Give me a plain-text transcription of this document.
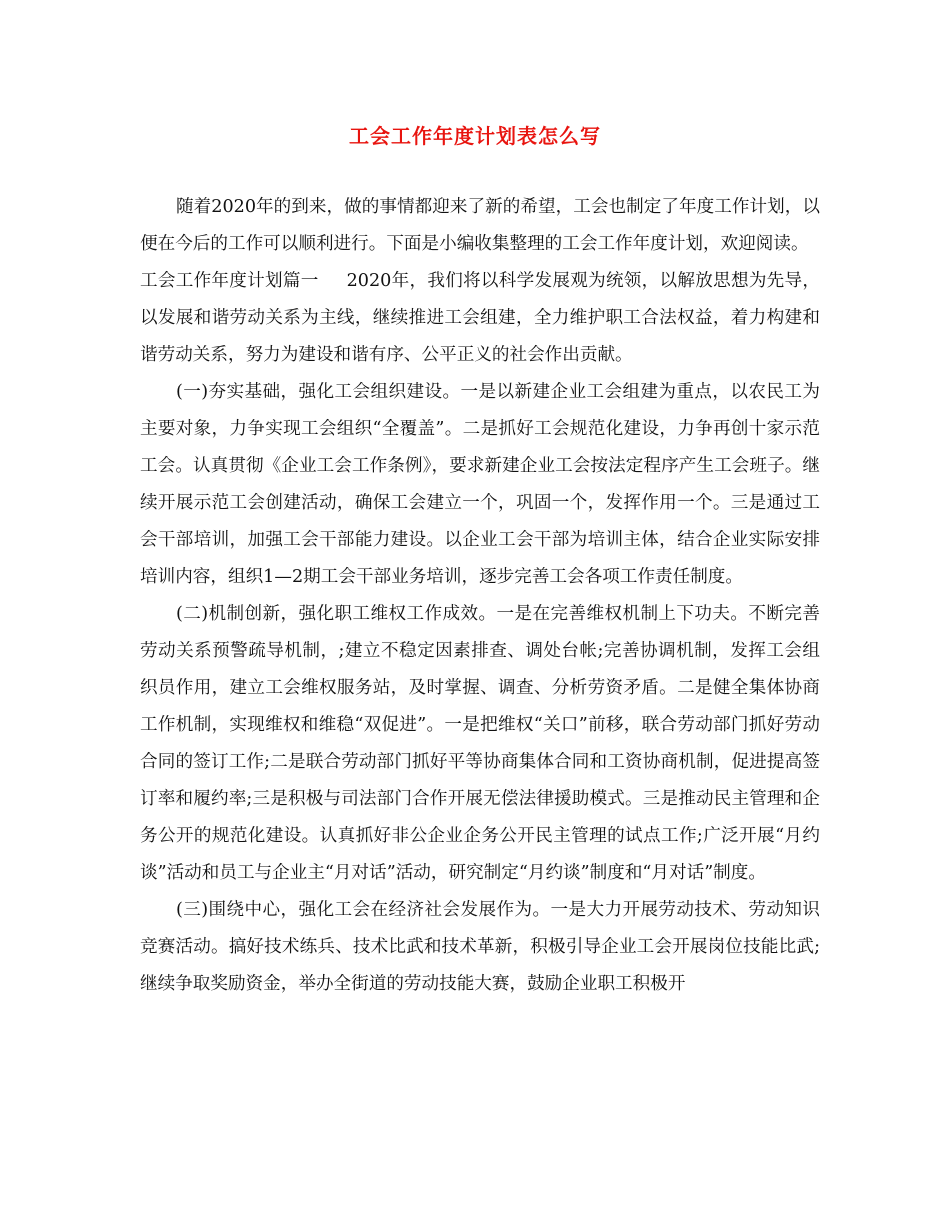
工会工作年度计划表怎么写

随着2020年的到来，做的事情都迎来了新的希望，工会也制定了年度工作计划，以便在今后的工作可以顺利进行。下面是小编收集整理的工会工作年度计划，欢迎阅读。

工会工作年度计划篇一 2020年，我们将以科学发展观为统领，以解放思想为先导，以发展和谐劳动关系为主线，继续推进工会组建，全力维护职工合法权益，着力构建和谐劳动关系，努力为建设和谐有序、公平正义的社会作出贡献。

(一)夯实基础，强化工会组织建设。一是以新建企业工会组建为重点，以农民工为主要对象，力争实现工会组织“全覆盖”。二是抓好工会规范化建设，力争再创十家示范工会。认真贯彻《企业工会工作条例》，要求新建企业工会按法定程序产生工会班子。继续开展示范工会创建活动，确保工会建立一个，巩固一个，发挥作用一个。三是通过工会干部培训，加强工会干部能力建设。以企业工会干部为培训主体，结合企业实际安排培训内容，组织1—2期工会干部业务培训，逐步完善工会各项工作责任制度。

(二)机制创新，强化职工维权工作成效。一是在完善维权机制上下功夫。不断完善劳动关系预警疏导机制，;建立不稳定因素排查、调处台帐;完善协调机制，发挥工会组织员作用，建立工会维权服务站，及时掌握、调查、分析劳资矛盾。二是健全集体协商工作机制，实现维权和维稳“双促进”。一是把维权“关口”前移，联合劳动部门抓好劳动合同的签订工作;二是联合劳动部门抓好平等协商集体合同和工资协商机制，促进提高签订率和履约率;三是积极与司法部门合作开展无偿法律援助模式。三是推动民主管理和企务公开的规范化建设。认真抓好非公企业企务公开民主管理的试点工作;广泛开展“月约谈”活动和员工与企业主“月对话”活动，研究制定“月约谈”制度和“月对话”制度。

(三)围绕中心，强化工会在经济社会发展作为。一是大力开展劳动技术、劳动知识竞赛活动。搞好技术练兵、技术比武和技术革新，积极引导企业工会开展岗位技能比武;继续争取奖励资金，举办全街道的劳动技能大赛，鼓励企业职工积极开
